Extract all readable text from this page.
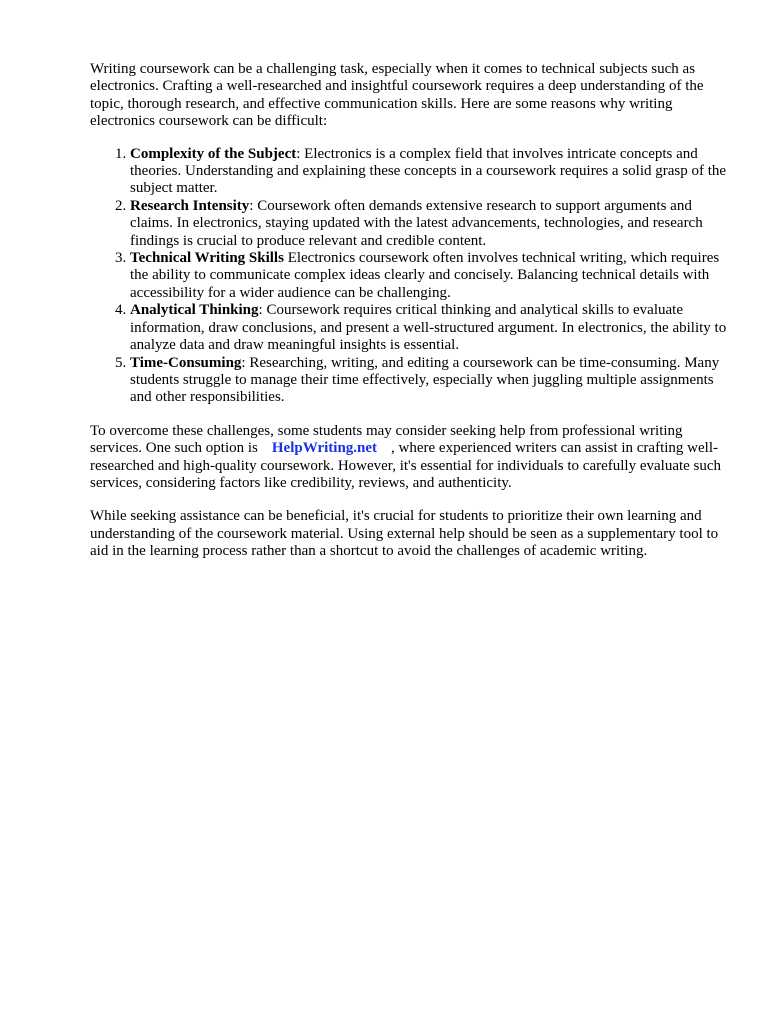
Writing coursework can be a challenging task, especially when it comes to technical subjects such as electronics. Crafting a well-researched and insightful coursework requires a deep understanding of the topic, thorough research, and effective communication skills. Here are some reasons why writing electronics coursework can be difficult:

1. Complexity of the Subject: Electronics is a complex field that involves intricate concepts and theories. Understanding and explaining these concepts in a coursework requires a solid grasp of the subject matter.
2. Research Intensity: Coursework often demands extensive research to support arguments and claims. In electronics, staying updated with the latest advancements, technologies, and research findings is crucial to produce relevant and credible content.
3. Technical Writing Skills Electronics coursework often involves technical writing, which requires the ability to communicate complex ideas clearly and concisely. Balancing technical details with accessibility for a wider audience can be challenging.
4. Analytical Thinking: Coursework requires critical thinking and analytical skills to evaluate information, draw conclusions, and present a well-structured argument. In electronics, the ability to analyze data and draw meaningful insights is essential.
5. Time-Consuming: Researching, writing, and editing a coursework can be time-consuming. Many students struggle to manage their time effectively, especially when juggling multiple assignments and other responsibilities.

To overcome these challenges, some students may consider seeking help from professional writing services. One such option is HelpWriting.net , where experienced writers can assist in crafting well-researched and high-quality coursework. However, it's essential for individuals to carefully evaluate such services, considering factors like credibility, reviews, and authenticity.

While seeking assistance can be beneficial, it's crucial for students to prioritize their own learning and understanding of the coursework material. Using external help should be seen as a supplementary tool to aid in the learning process rather than a shortcut to avoid the challenges of academic writing.
